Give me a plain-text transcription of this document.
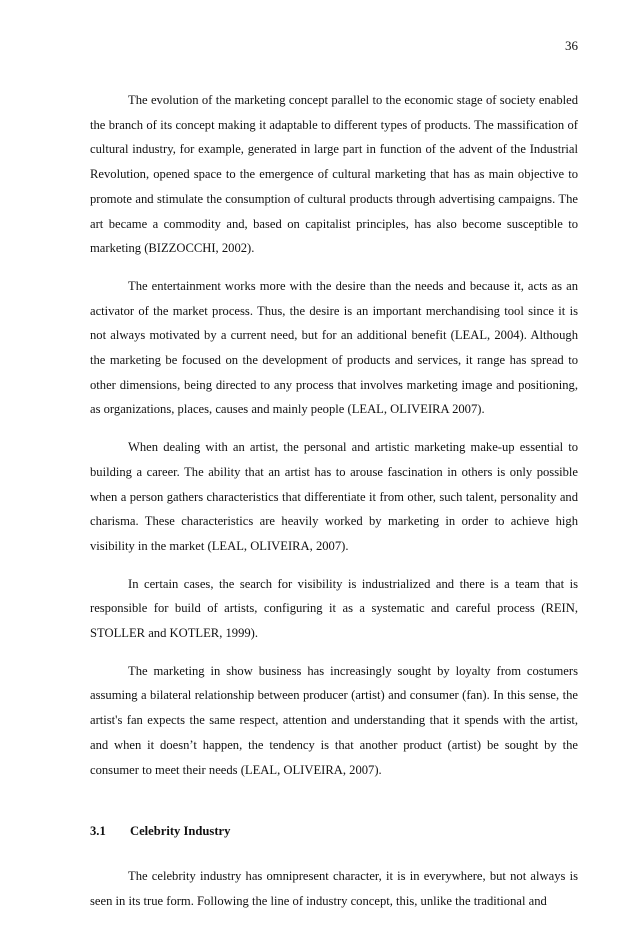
36

The evolution of the marketing concept parallel to the economic stage of society enabled the branch of its concept making it adaptable to different types of products. The massification of cultural industry, for example, generated in large part in function of the advent of the Industrial Revolution, opened space to the emergence of cultural marketing that has as main objective to promote and stimulate the consumption of cultural products through advertising campaigns. The art became a commodity and, based on capitalist principles, has also become susceptible to marketing (BIZZOCCHI, 2002).

The entertainment works more with the desire than the needs and because it, acts as an activator of the market process. Thus, the desire is an important merchandising tool since it is not always motivated by a current need, but for an additional benefit (LEAL, 2004). Although the marketing be focused on the development of products and services, it range has spread to other dimensions, being directed to any process that involves marketing image and positioning, as organizations, places, causes and mainly people (LEAL, OLIVEIRA 2007).

When dealing with an artist, the personal and artistic marketing make-up essential to building a career. The ability that an artist has to arouse fascination in others is only possible when a person gathers characteristics that differentiate it from other, such talent, personality and charisma. These characteristics are heavily worked by marketing in order to achieve high visibility in the market (LEAL, OLIVEIRA, 2007).

In certain cases, the search for visibility is industrialized and there is a team that is responsible for build of artists, configuring it as a systematic and careful process (REIN, STOLLER and KOTLER, 1999).

The marketing in show business has increasingly sought by loyalty from costumers assuming a bilateral relationship between producer (artist) and consumer (fan). In this sense, the artist's fan expects the same respect, attention and understanding that it spends with the artist, and when it doesn’t happen, the tendency is that another product (artist) be sought by the consumer to meet their needs (LEAL, OLIVEIRA, 2007).

3.1	Celebrity Industry

The celebrity industry has omnipresent character, it is in everywhere, but not always is seen in its true form. Following the line of industry concept, this, unlike the traditional and
